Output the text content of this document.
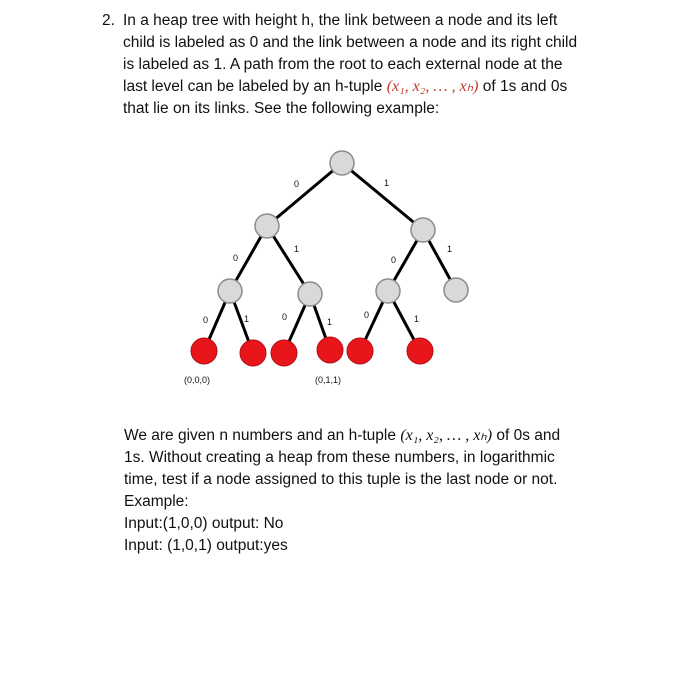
2. In a heap tree with height h, the link between a node and its left
child is labeled as 0 and the link between a node and its right child
is labeled as 1. A path from the root to each external node at the
last level can be labeled by an h-tuple (x₁, x₂, … , xₕ) of 1s and 0s
that lie on its links. See the following example:
0	1
0
1
0
1
0	1	0	1
0	1
(0,0,0)	(0,1,1)
We are given n numbers and an h-tuple (x₁, x₂, … , xₕ) of 0s and
1s. Without creating a heap from these numbers, in logarithmic
time, test if a node assigned to this tuple is the last node or not.
Example:
Input:(1,0,0) output: No
Input: (1,0,1) output:yes
